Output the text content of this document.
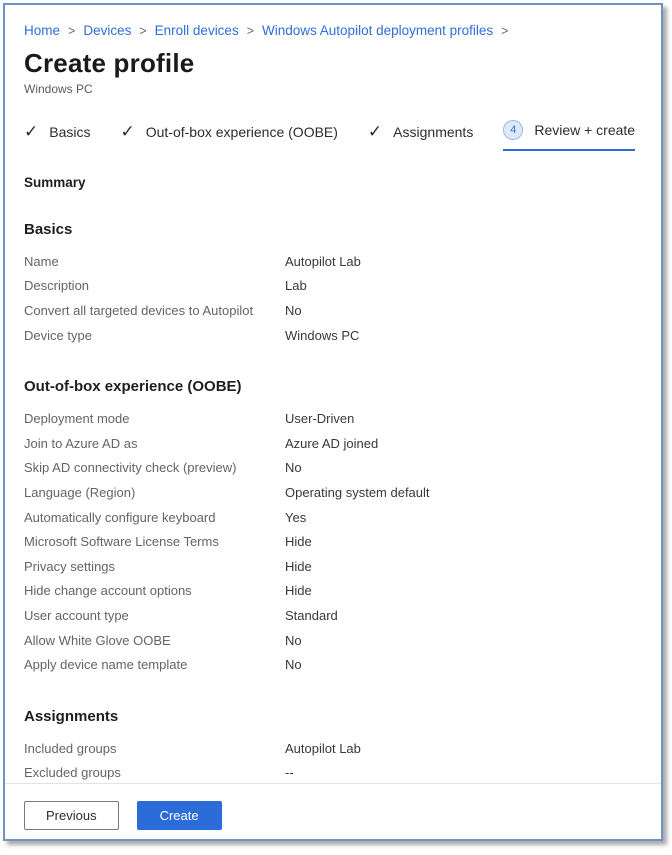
Home > Devices > Enroll devices > Windows Autopilot deployment profiles >
Create profile
Windows PC
✓ Basics ✓ Out-of-box experience (OOBE) ✓ Assignments	4	Review + create
Summary
Basics
Name	Autopilot Lab
Description	Lab
Convert all targeted devices to Autopilot	No
Device type	Windows PC
Out-of-box experience (OOBE)
Deployment mode	User-Driven
Join to Azure AD as	Azure AD joined
Skip AD connectivity check (preview)	No
Language (Region)	Operating system default
Automatically configure keyboard	Yes
Microsoft Software License Terms	Hide
Privacy settings	Hide
Hide change account options	Hide
User account type	Standard
Allow White Glove OOBE	No
Apply device name template	No
Assignments
Included groups	Autopilot Lab
Excluded groups	--
Previous	Create
